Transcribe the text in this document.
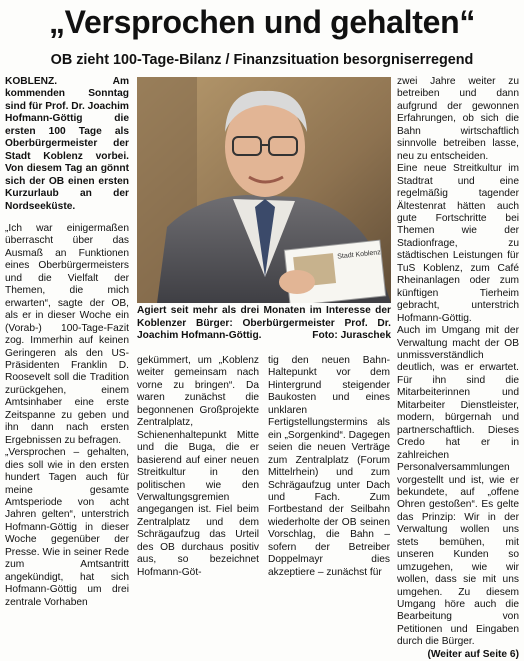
„Versprochen und gehalten“
OB zieht 100-Tage-Bilanz / Finanzsituation besorgniserregend

KOBLENZ. Am kommenden Sonntag sind für Prof. Dr. Joachim Hofmann-Göttig die ersten 100 Tage als Oberbürgermeister der Stadt Koblenz vorbei. Von diesem Tag an gönnt sich der OB einen ersten Kurzurlaub an der Nordseeküste.

„Ich war einigermaßen überrascht über das Ausmaß an Funktionen eines Oberbürgermeisters und die Vielfalt der Themen, die mich erwarten“, sagte der OB, als er in dieser Woche ein (Vorab-) 100-Tage-Fazit zog. Immerhin auf keinen Geringeren als den US-Präsidenten Franklin D. Roosevelt soll die Tradition zurückgehen, einem Amtsinhaber eine erste Zeitspanne zu geben und ihn dann nach ersten Ergebnissen zu befragen.

„Versprochen – gehalten, dies soll wie in den ersten hundert Tagen auch für meine gesamte Amtsperiode von acht Jahren gelten“, unterstrich Hofmann-Göttig in dieser Woche gegenüber der Presse. Wie in seiner Rede zum Amtsantritt angekündigt, hat sich Hofmann-Göttig um drei zentrale Vorhaben

Stadt Koblenz
Agiert seit mehr als drei Monaten im Interesse der Koblenzer Bürger: Oberbürgermeister Prof. Dr. Joachim Hofmann-Göttig.	Foto: Juraschek

gekümmert, um „Koblenz weiter gemeinsam nach vorne zu bringen“. Da waren zunächst die begonnenen Großprojekte Zentralplatz, Schienenhaltepunkt Mitte und die Buga, die er basierend auf einer neuen Streitkultur in den politischen wie den Verwaltungsgremien angegangen ist. Fiel beim Zentralplatz und dem Schrägaufzug das Urteil des OB durchaus positiv aus, so bezeichnet Hofmann-Göt-

tig den neuen Bahn-Haltepunkt vor dem Hintergrund steigender Baukosten und eines unklaren Fertigstellungstermins als ein „Sorgenkind“. Dagegen seien die neuen Verträge zum Zentralplatz (Forum Mittelrhein) und zum Schrägaufzug unter Dach und Fach. Zum Fortbestand der Seilbahn wiederholte der OB seinen Vorschlag, die Bahn – sofern der Betreiber Doppelmayr dies akzeptiere – zunächst für

zwei Jahre weiter zu betreiben und dann aufgrund der gewonnen Erfahrungen, ob sich die Bahn wirtschaftlich sinnvolle betreiben lasse, neu zu entscheiden.

Eine neue Streitkultur im Stadtrat und eine regelmäßig tagender Ältestenrat hätten auch gute Fortschritte bei Themen wie der Stadionfrage, zu städtischen Leistungen für TuS Koblenz, zum Café Rheinanlagen oder zum künftigen Tierheim gebracht, unterstrich Hofmann-Göttig.

Auch im Umgang mit der Verwaltung macht der OB unmissverständlich deutlich, was er erwartet. Für ihn sind die Mitarbeiterinnen und Mitarbeiter Dienstleister, modern, bürgernah und partnerschaftlich. Dieses Credo hat er in zahlreichen Personalversammlungen vorgestellt und ist, wie er bekundete, auf „offene Ohren gestoßen“. Es gelte das Prinzip: Wir in der Verwaltung wollen uns stets bemühen, mit unseren Kunden so umzugehen, wie wir wollen, dass sie mit uns umgehen. Zu diesem Umgang höre auch die Bearbeitung von Petitionen und Eingaben durch die Bürger.

(Weiter auf Seite 6)
